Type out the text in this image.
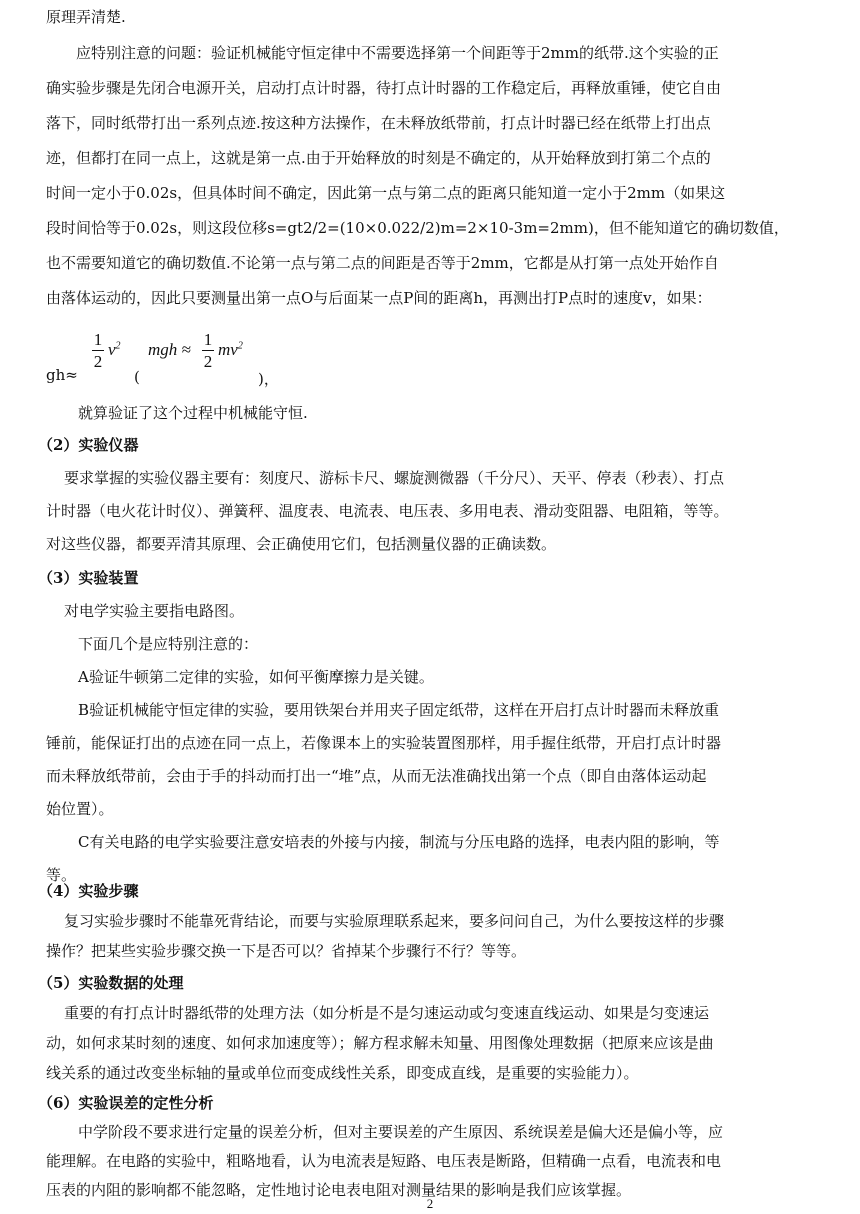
原理弄清楚.
应特别注意的问题：验证机械能守恒定律中不需要选择第一个间距等于2mm的纸带.这个实验的正
确实验步骤是先闭合电源开关，启动打点计时器，待打点计时器的工作稳定后，再释放重锤，使它自由
落下，同时纸带打出一系列点迹.按这种方法操作，在未释放纸带前，打点计时器已经在纸带上打出点
迹，但都打在同一点上，这就是第一点.由于开始释放的时刻是不确定的，从开始释放到打第二个点的
时间一定小于0.02s，但具体时间不确定，因此第一点与第二点的距离只能知道一定小于2mm（如果这
段时间恰等于0.02s，则这段位移s=gt2/2=(10×0.022/2)m=2×10-3m=2mm)，但不能知道它的确切数值，
也不需要知道它的确切数值.不论第一点与第二点的间距是否等于2mm，它都是从打第一点处开始作自
由落体运动的，因此只要测量出第一点O与后面某一点P间的距离h，再测出打P点时的速度v，如果：
gh≈
1
2
$v^2$
(
mgh ≈
1
2
$mv^2$
)，
就算验证了这个过程中机械能守恒.
（2）实验仪器
要求掌握的实验仪器主要有：刻度尺、游标卡尺、螺旋测微器（千分尺）、天平、停表（秒表）、打点
计时器（电火花计时仪）、弹簧秤、温度表、电流表、电压表、多用电表、滑动变阻器、电阻箱，等等。
对这些仪器，都要弄清其原理、会正确使用它们，包括测量仪器的正确读数。
（3）实验装置
对电学实验主要指电路图。
下面几个是应特别注意的：
A验证牛顿第二定律的实验，如何平衡摩擦力是关键。
B验证机械能守恒定律的实验，要用铁架台并用夹子固定纸带，这样在开启打点计时器而未释放重
锤前，能保证打出的点迹在同一点上，若像课本上的实验装置图那样，用手握住纸带，开启打点计时器
而未释放纸带前，会由于手的抖动而打出一“堆”点，从而无法准确找出第一个点（即自由落体运动起
始位置）。
C有关电路的电学实验要注意安培表的外接与内接，制流与分压电路的选择，电表内阻的影响，等
等。
（4）实验步骤
复习实验步骤时不能靠死背结论，而要与实验原理联系起来，要多问问自己，为什么要按这样的步骤
操作？把某些实验步骤交换一下是否可以？省掉某个步骤行不行？等等。
（5）实验数据的处理
重要的有打点计时器纸带的处理方法（如分析是不是匀速运动或匀变速直线运动、如果是匀变速运
动，如何求某时刻的速度、如何求加速度等）；解方程求解未知量、用图像处理数据（把原来应该是曲
线关系的通过改变坐标轴的量或单位而变成线性关系，即变成直线，是重要的实验能力）。
2
（6）实验误差的定性分析
中学阶段不要求进行定量的误差分析，但对主要误差的产生原因、系统误差是偏大还是偏小等，应
能理解。在电路的实验中，粗略地看，认为电流表是短路、电压表是断路，但精确一点看，电流表和电
压表的内阻的影响都不能忽略，定性地讨论电表电阻对测量结果的影响是我们应该掌握。
